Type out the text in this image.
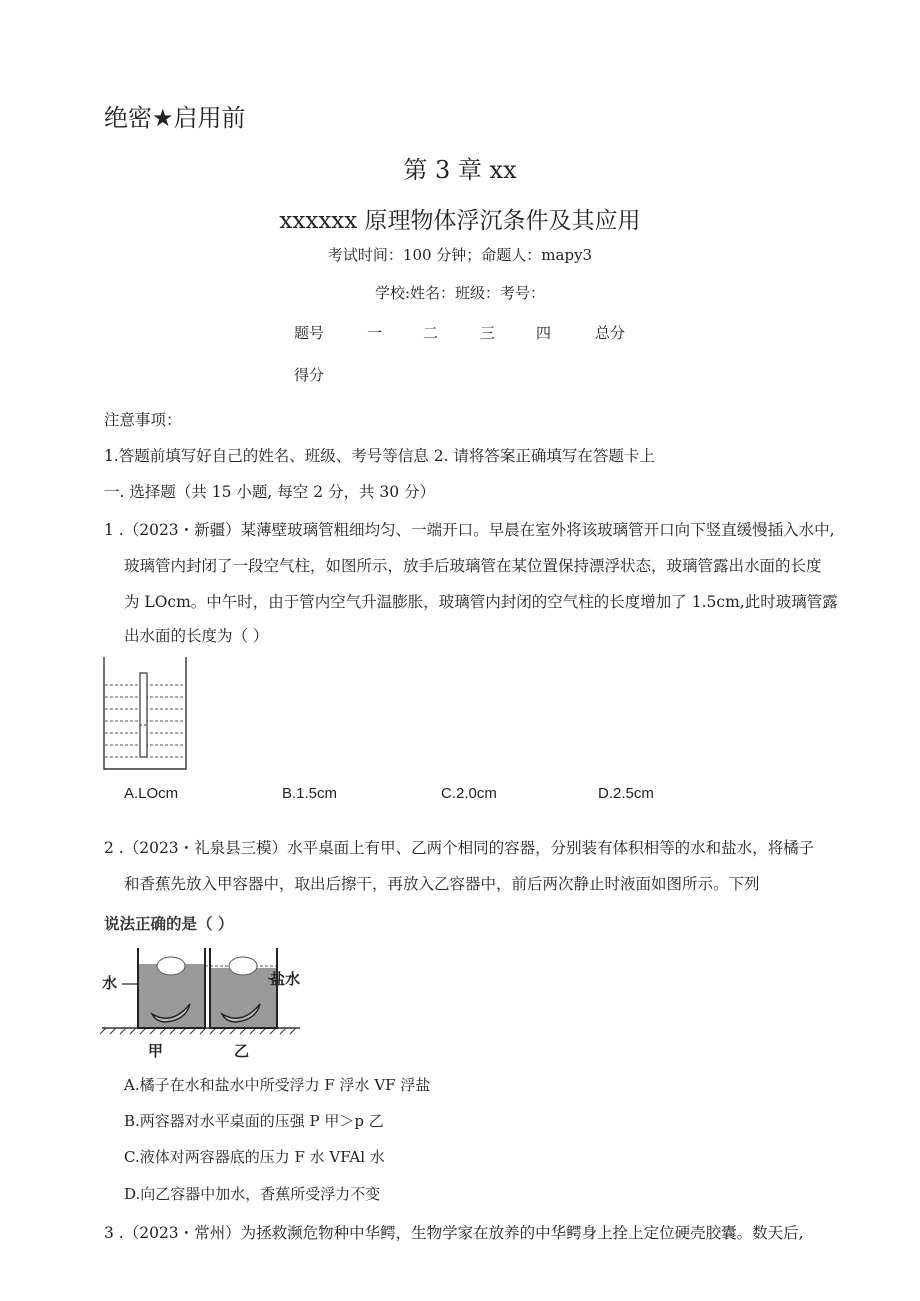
绝密★启用前
第 3 章 xx
xxxxxx 原理物体浮沉条件及其应用
考试时间：100 分钟；命题人：mapy3
学校:姓名：班级：考号：
题号	一	二	三	四	总分
得分
注意事项：
1.答题前填写好自己的姓名、班级、考号等信息 2. 请将答案正确填写在答题卡上
一. 选择题（共 15 小题, 每空 2 分，共 30 分）
1 .（2023・新疆）某薄壁玻璃管粗细均匀、一端开口。早晨在室外将该玻璃管开口向下竖直缓慢插入水中,
玻璃管内封闭了一段空气柱，如图所示，放手后玻璃管在某位置保持漂浮状态，玻璃管露出水面的长度
为 LOcm。中午时，由于管内空气升温膨胀，玻璃管内封闭的空气柱的长度增加了 1.5cm,此时玻璃管露
出水面的长度为（ ）
A.LOcm	B.1.5cm	C.2.0cm	D.2.5cm
2 .（2023・礼泉县三模）水平桌面上有甲、乙两个相同的容器，分别装有体积相等的水和盐水，将橘子
和香蕉先放入甲容器中，取出后擦干，再放入乙容器中，前后两次静止时液面如图所示。下列
说法正确的是（ ）
水	盐水
甲	乙
A.橘子在水和盐水中所受浮力 F 浮水 VF 浮盐
B.两容器对水平桌面的压强 P 甲＞p 乙
C.液体对两容器底的压力 F 水 VFAl 水
D.向乙容器中加水，香蕉所受浮力不变
3 .（2023・常州）为拯救濒危物种中华鳄，生物学家在放养的中华鳄身上拴上定位硬壳胶囊。数天后,
